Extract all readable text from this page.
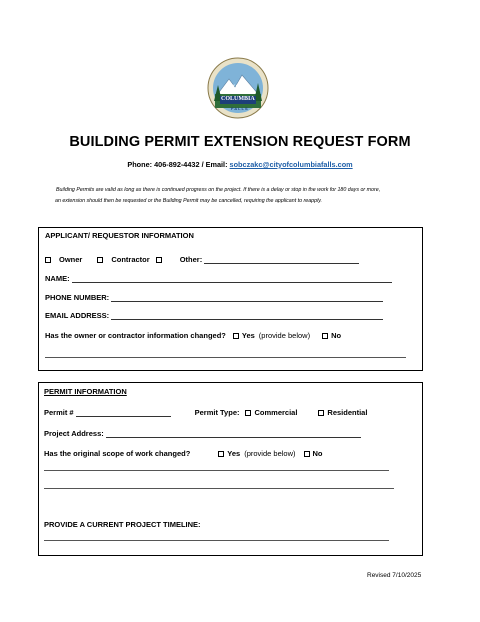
CITY OF
COLUMBIA
FALLS
BUILDING PERMIT EXTENSION REQUEST FORM
Phone: 406-892-4432 / Email: sobczakc@cityofcolumbiafalls.com
Building Permits are valid as long as there is continued progress on the project. If there is a delay or stop in the work for 180 days or more,
an extension should then be requested or the Building Permit may be cancelled, requiring the applicant to reapply.
APPLICANT/ REQUESTOR INFORMATION
Owner	Contractor	Other:
NAME:
PHONE NUMBER:
EMAIL ADDRESS:
Has the owner or contractor information changed? Yes (provide below)	No
PERMIT INFORMATION
Permit #	Permit Type: Commercial	Residential
Project Address:
Has the original scope of work changed?	Yes (provide below) No
PROVIDE A CURRENT PROJECT TIMELINE:
Revised 7/10/2025
